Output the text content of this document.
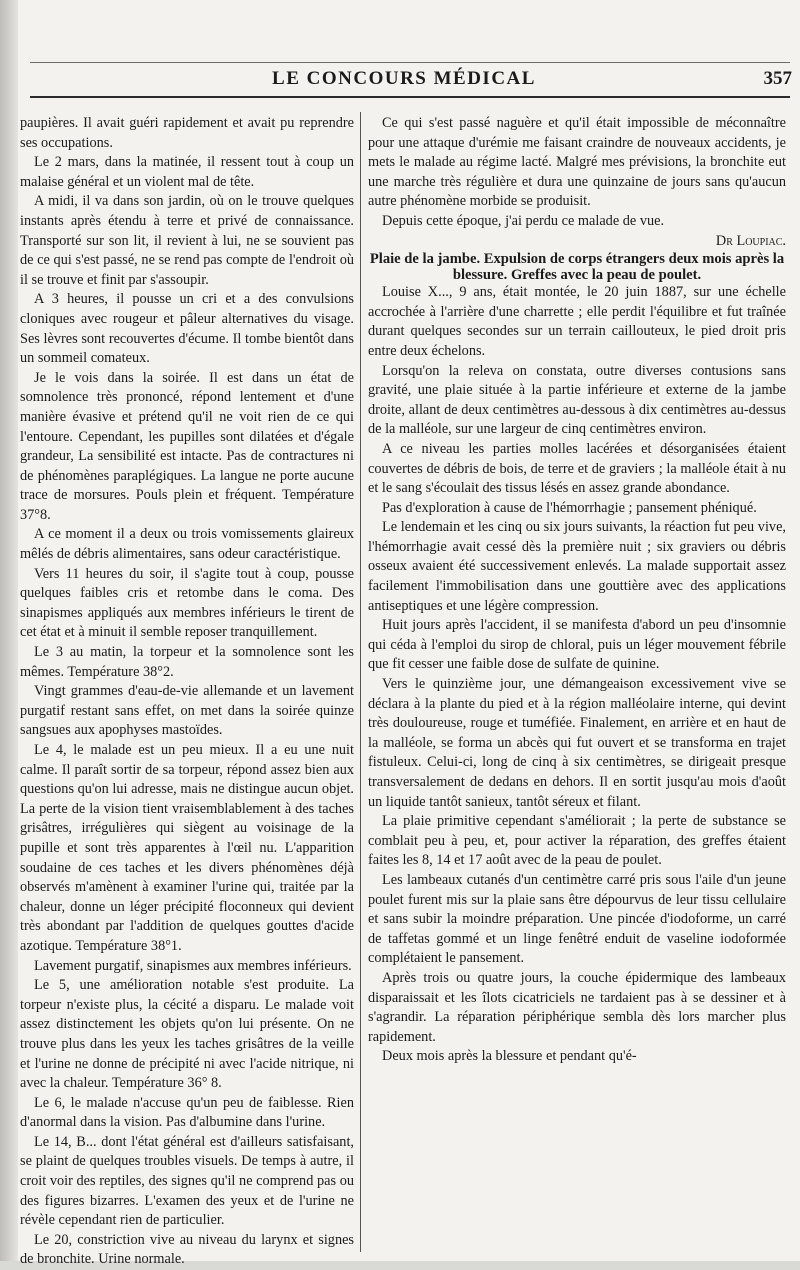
LE CONCOURS MÉDICAL	357

paupières. Il avait guéri rapidement et avait pu reprendre ses occupations.

Le 2 mars, dans la matinée, il ressent tout à coup un malaise général et un violent mal de tête.

A midi, il va dans son jardin, où on le trouve quelques instants après étendu à terre et privé de connaissance. Transporté sur son lit, il revient à lui, ne se souvient pas de ce qui s'est passé, ne se rend pas compte de l'endroit où il se trouve et finit par s'assoupir.

A 3 heures, il pousse un cri et a des convulsions cloniques avec rougeur et pâleur alternatives du visage. Ses lèvres sont recouvertes d'écume. Il tombe bientôt dans un sommeil comateux.

Je le vois dans la soirée. Il est dans un état de somnolence très prononcé, répond lentement et d'une manière évasive et prétend qu'il ne voit rien de ce qui l'entoure. Cependant, les pupilles sont dilatées et d'égale grandeur, La sensibilité est intacte. Pas de contractures ni de phénomènes paraplégiques. La langue ne porte aucune trace de morsures. Pouls plein et fréquent. Température 37°8.

A ce moment il a deux ou trois vomissements glaireux mêlés de débris alimentaires, sans odeur caractéristique.

Vers 11 heures du soir, il s'agite tout à coup, pousse quelques faibles cris et retombe dans le coma. Des sinapismes appliqués aux membres inférieurs le tirent de cet état et à minuit il semble reposer tranquillement.

Le 3 au matin, la torpeur et la somnolence sont les mêmes. Température 38°2.

Vingt grammes d'eau-de-vie allemande et un lavement purgatif restant sans effet, on met dans la soirée quinze sangsues aux apophyses mastoïdes.

Le 4, le malade est un peu mieux. Il a eu une nuit calme. Il paraît sortir de sa torpeur, répond assez bien aux questions qu'on lui adresse, mais ne distingue aucun objet. La perte de la vision tient vraisemblablement à des taches grisâtres, irrégulières qui siègent au voisinage de la pupille et sont très apparentes à l'œil nu. L'apparition soudaine de ces taches et les divers phénomènes déjà observés m'amènent à examiner l'urine qui, traitée par la chaleur, donne un léger précipité floconneux qui devient très abondant par l'addition de quelques gouttes d'acide azotique. Température 38°1.

Lavement purgatif, sinapismes aux membres inférieurs.

Le 5, une amélioration notable s'est produite. La torpeur n'existe plus, la cécité a disparu. Le malade voit assez distinctement les objets qu'on lui présente. On ne trouve plus dans les yeux les taches grisâtres de la veille et l'urine ne donne de précipité ni avec l'acide nitrique, ni avec la chaleur. Température 36° 8.

Le 6, le malade n'accuse qu'un peu de faiblesse. Rien d'anormal dans la vision. Pas d'albumine dans l'urine.

Le 14, B... dont l'état général est d'ailleurs satisfaisant, se plaint de quelques troubles visuels. De temps à autre, il croit voir des reptiles, des signes qu'il ne comprend pas ou des figures bizarres. L'examen des yeux et de l'urine ne révèle cependant rien de particulier.

Le 20, constriction vive au niveau du larynx et signes de bronchite. Urine normale.

Ce qui s'est passé naguère et qu'il était impossible de méconnaître pour une attaque d'urémie me faisant craindre de nouveaux accidents, je mets le malade au régime lacté. Malgré mes prévisions, la bronchite eut une marche très régulière et dura une quinzaine de jours sans qu'aucun autre phénomène morbide se produisit.

Depuis cette époque, j'ai perdu ce malade de vue.

Dr Loupiac.

Plaie de la jambe. Expulsion de corps étrangers deux mois après la blessure. Greffes avec la peau de poulet.

Louise X..., 9 ans, était montée, le 20 juin 1887, sur une échelle accrochée à l'arrière d'une charrette ; elle perdit l'équilibre et fut traînée durant quelques secondes sur un terrain caillouteux, le pied droit pris entre deux échelons.

Lorsqu'on la releva on constata, outre diverses contusions sans gravité, une plaie située à la partie inférieure et externe de la jambe droite, allant de deux centimètres au-dessous à dix centimètres au-dessus de la malléole, sur une largeur de cinq centimètres environ.

A ce niveau les parties molles lacérées et désorganisées étaient couvertes de débris de bois, de terre et de graviers ; la malléole était à nu et le sang s'écoulait des tissus lésés en assez grande abondance.

Pas d'exploration à cause de l'hémorrhagie ; pansement phéniqué.

Le lendemain et les cinq ou six jours suivants, la réaction fut peu vive, l'hémorrhagie avait cessé dès la première nuit ; six graviers ou débris osseux avaient été successivement enlevés. La malade supportait assez facilement l'immobilisation dans une gouttière avec des applications antiseptiques et une légère compression.

Huit jours après l'accident, il se manifesta d'abord un peu d'insomnie qui céda à l'emploi du sirop de chloral, puis un léger mouvement fébrile que fit cesser une faible dose de sulfate de quinine.

Vers le quinzième jour, une démangeaison excessivement vive se déclara à la plante du pied et à la région malléolaire interne, qui devint très douloureuse, rouge et tuméfiée. Finalement, en arrière et en haut de la malléole, se forma un abcès qui fut ouvert et se transforma en trajet fistuleux. Celui-ci, long de cinq à six centimètres, se dirigeait presque transversalement de dedans en dehors. Il en sortit jusqu'au mois d'août un liquide tantôt sanieux, tantôt séreux et filant.

La plaie primitive cependant s'améliorait ; la perte de substance se comblait peu à peu, et, pour activer la réparation, des greffes étaient faites les 8, 14 et 17 août avec de la peau de poulet.

Les lambeaux cutanés d'un centimètre carré pris sous l'aile d'un jeune poulet furent mis sur la plaie sans être dépourvus de leur tissu cellulaire et sans subir la moindre préparation. Une pincée d'iodoforme, un carré de taffetas gommé et un linge fenêtré enduit de vaseline iodoformée complétaient le pansement.

Après trois ou quatre jours, la couche épidermique des lambeaux disparaissait et les îlots cicatriciels ne tardaient pas à se dessiner et à s'agrandir. La réparation périphérique sembla dès lors marcher plus rapidement.

Deux mois après la blessure et pendant qu'é-
